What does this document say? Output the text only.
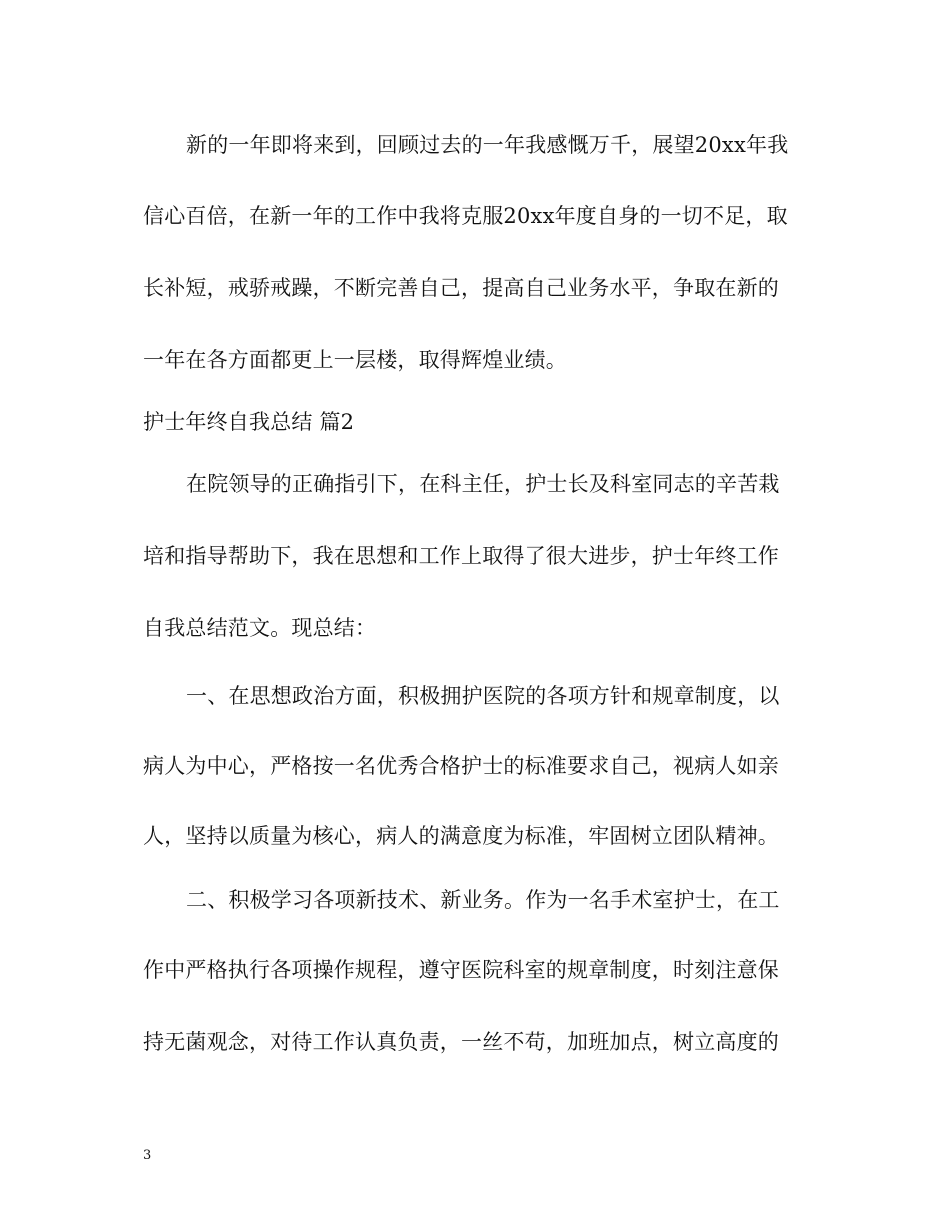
新的一年即将来到，回顾过去的一年我感慨万千，展望20xx年我
信心百倍，在新一年的工作中我将克服20xx年度自身的一切不足，取
长补短，戒骄戒躁，不断完善自己，提高自己业务水平，争取在新的
一年在各方面都更上一层楼，取得辉煌业绩。
护士年终自我总结 篇2
在院领导的正确指引下，在科主任，护士长及科室同志的辛苦栽
培和指导帮助下，我在思想和工作上取得了很大进步，护士年终工作
自我总结范文。现总结：
一、在思想政治方面，积极拥护医院的各项方针和规章制度，以
病人为中心，严格按一名优秀合格护士的标准要求自己，视病人如亲
人，坚持以质量为核心，病人的满意度为标准，牢固树立团队精神。
二、积极学习各项新技术、新业务。作为一名手术室护士，在工
作中严格执行各项操作规程，遵守医院科室的规章制度，时刻注意保
持无菌观念，对待工作认真负责，一丝不苟，加班加点，树立高度的
3
